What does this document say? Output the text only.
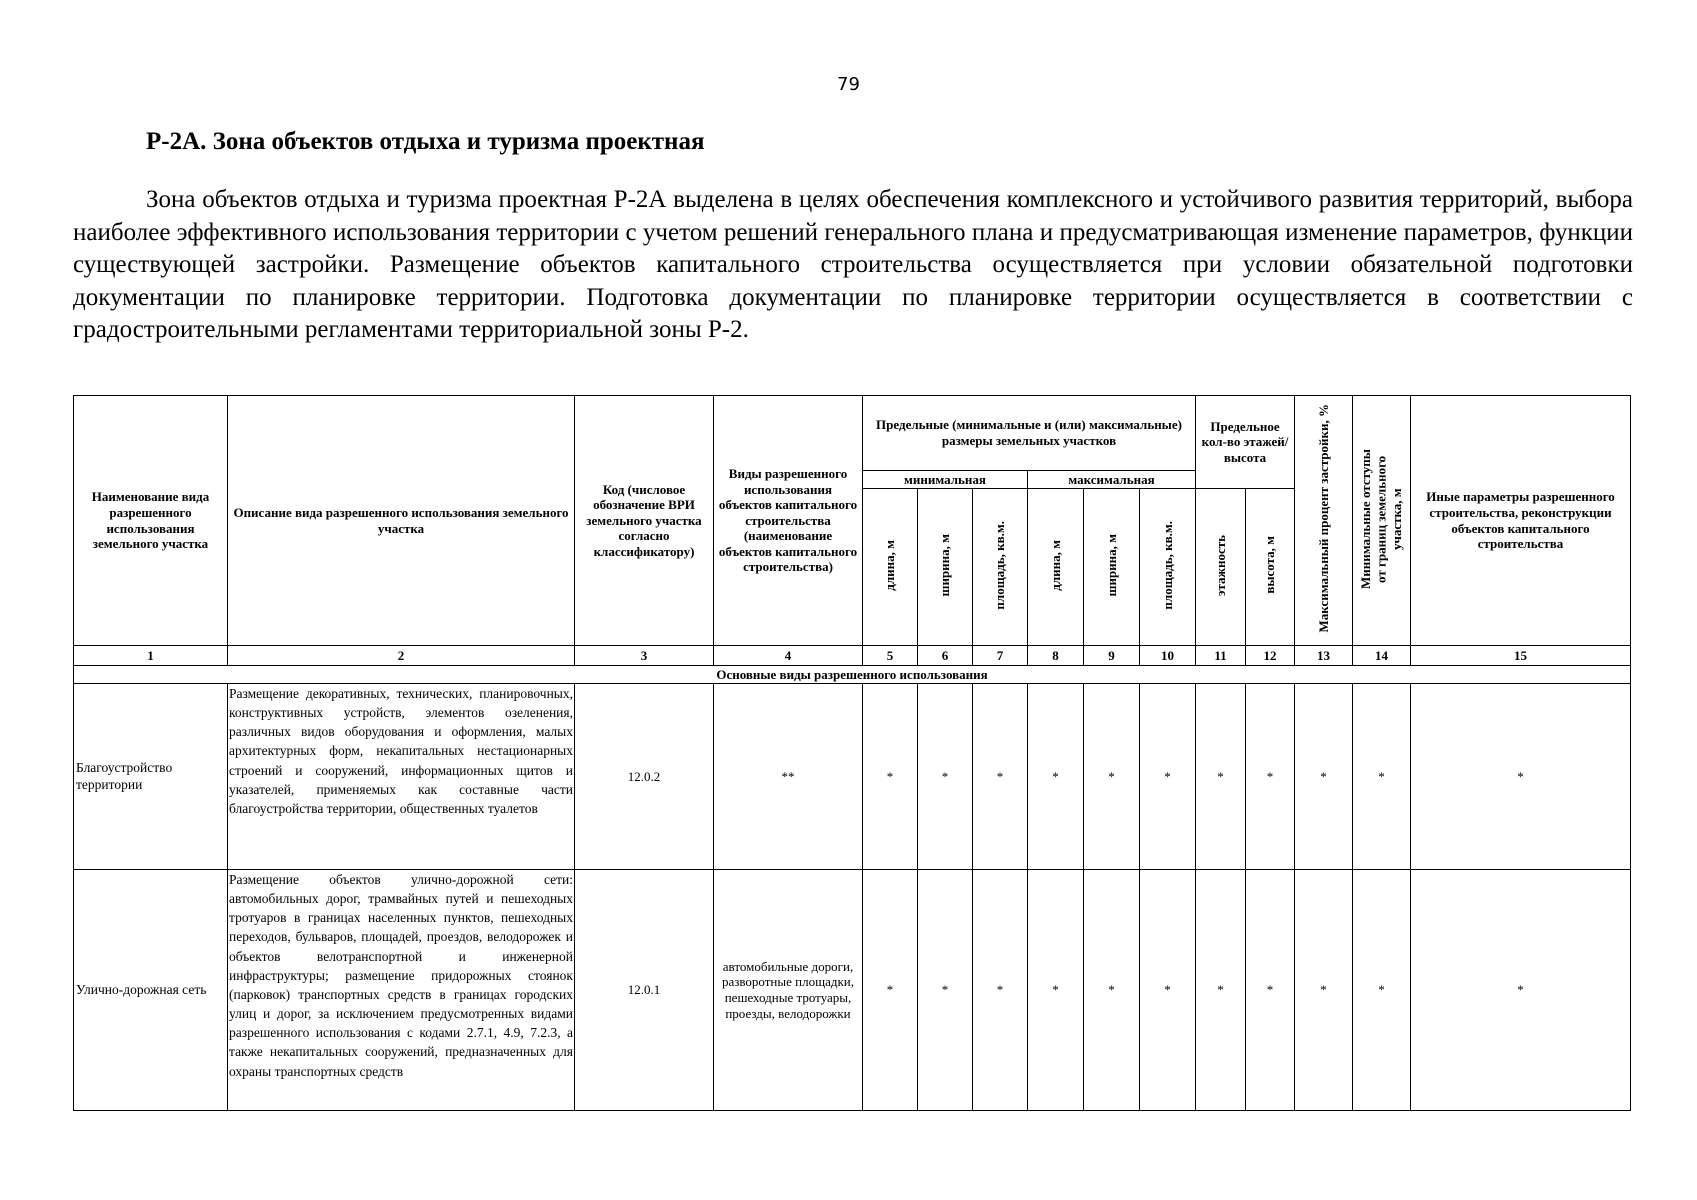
79
Р-2А. Зона объектов отдыха и туризма проектная

Зона объектов отдыха и туризма проектная Р-2А выделена в целях обеспечения комплексного и устойчивого развития территорий, выбора наиболее эффективного использования территории с учетом решений генерального плана и предусматривающая изменение параметров, функции существующей застройки. Размещение объектов капитального строительства осуществляется при условии обязательной подготовки документации по планировке территории. Подготовка документации по планировке территории осуществляется в соответствии с градостроительными регламентами территориальной зоны Р-2.

Наименование вида разрешенного использования земельного участка	Описание вида разрешенного использования земельного участка	Код (числовое обозначение ВРИ земельного участка согласно классификатору)	Виды разрешенного использования объектов капитального строительства (наименование объектов капитального строительства)	Предельные (минимальные и (или) максимальные) размеры земельных участков						Предельное кол-во этажей/ высота		Максимальный процент застройки, %	Минимальные отступы от границ земельного участка, м	Иные параметры разрешенного строительства, реконструкции объектов капитального строительства
				минимальная			максимальная							
				длина, м	ширина, м	площадь, кв.м.	длина, м	ширина, м	площадь, кв.м.	этажность	высота, м			
1	2	3	4	5	6	7	8	9	10	11	12	13	14	15
Основные виды разрешенного использования														
Благоустройство территории	Размещение декоративных, технических, планировочных, конструктивных устройств, элементов озеленения, различных видов оборудования и оформления, малых архитектурных форм, некапитальных нестационарных строений и сооружений, информационных щитов и указателей, применяемых как составные части благоустройства территории, общественных туалетов	12.0.2	**	*	*	*	*	*	*	*	*	*	*	*
Улично-дорожная сеть	Размещение объектов улично-дорожной сети: автомобильных дорог, трамвайных путей и пешеходных тротуаров в границах населенных пунктов, пешеходных переходов, бульваров, площадей, проездов, велодорожек и объектов велотранспортной и инженерной инфраструктуры; размещение придорожных стоянок (парковок) транспортных средств в границах городских улиц и дорог, за исключением предусмотренных видами разрешенного использования с кодами 2.7.1, 4.9, 7.2.3, а также некапитальных сооружений, предназначенных для охраны транспортных средств	12.0.1	автомобильные дороги, разворотные площадки, пешеходные тротуары, проезды, велодорожки	*	*	*	*	*	*	*	*	*	*	*
